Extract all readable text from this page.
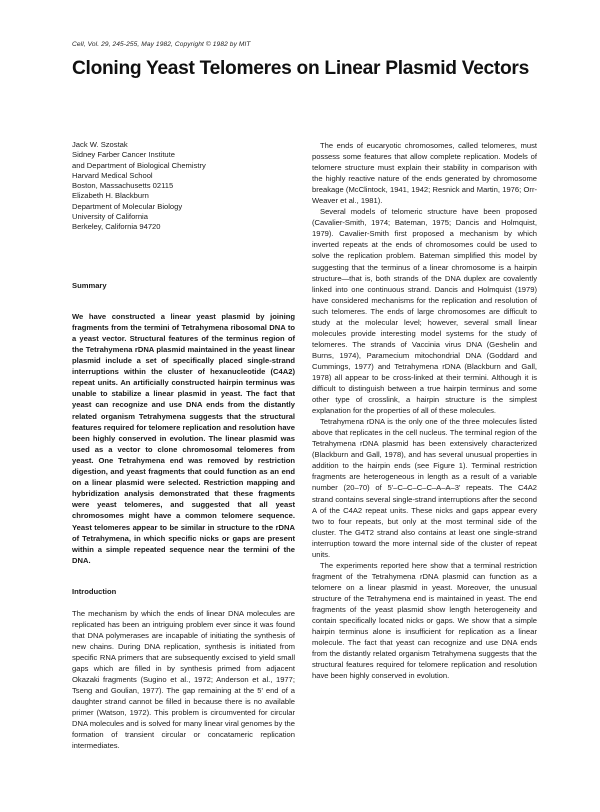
Cell, Vol. 29, 245-255, May 1982, Copyright © 1982 by MIT
Cloning Yeast Telomeres on Linear Plasmid Vectors

Jack W. Szostak

Sidney Farber Cancer Institute

and Department of Biological Chemistry

Harvard Medical School

Boston, Massachusetts 02115

Elizabeth H. Blackburn

Department of Molecular Biology

University of California

Berkeley, California 94720

Summary

We have constructed a linear yeast plasmid by joining fragments from the termini of Tetrahymena ribosomal DNA to a yeast vector. Structural features of the terminus region of the Tetrahymena rDNA plasmid maintained in the yeast linear plasmid include a set of specifically placed single-strand interruptions within the cluster of hexanucleotide (C4A2) repeat units. An artificially constructed hairpin terminus was unable to stabilize a linear plasmid in yeast. The fact that yeast can recognize and use DNA ends from the distantly related organism Tetrahymena suggests that the structural features required for telomere replication and resolution have been highly conserved in evolution. The linear plasmid was used as a vector to clone chromosomal telomeres from yeast. One Tetrahymena end was removed by restriction digestion, and yeast fragments that could function as an end on a linear plasmid were selected. Restriction mapping and hybridization analysis demonstrated that these fragments were yeast telomeres, and suggested that all yeast chromosomes might have a common telomere sequence. Yeast telomeres appear to be similar in structure to the rDNA of Tetrahymena, in which specific nicks or gaps are present within a simple repeated sequence near the termini of the DNA.

Introduction

The mechanism by which the ends of linear DNA molecules are replicated has been an intriguing problem ever since it was found that DNA polymerases are incapable of initiating the synthesis of new chains. During DNA replication, synthesis is initiated from specific RNA primers that are subsequently excised to yield small gaps which are filled in by synthesis primed from adjacent Okazaki fragments (Sugino et al., 1972; Anderson et al., 1977; Tseng and Goulian, 1977). The gap remaining at the 5' end of a daughter strand cannot be filled in because there is no available primer (Watson, 1972). This problem is circumvented for circular DNA molecules and is solved for many linear viral genomes by the formation of transient circular or concatameric replication intermediates.

The ends of eucaryotic chromosomes, called telomeres, must possess some features that allow complete replication. Models of telomere structure must explain their stability in comparison with the highly reactive nature of the ends generated by chromosome breakage (McClintock, 1941, 1942; Resnick and Martin, 1976; Orr-Weaver et al., 1981).

Several models of telomeric structure have been proposed (Cavalier-Smith, 1974; Bateman, 1975; Dancis and Holmquist, 1979). Cavalier-Smith first proposed a mechanism by which inverted repeats at the ends of chromosomes could be used to solve the replication problem. Bateman simplified this model by suggesting that the terminus of a linear chromosome is a hairpin structure—that is, both strands of the DNA duplex are covalently linked into one continuous strand. Dancis and Holmquist (1979) have considered mechanisms for the replication and resolution of such telomeres. The ends of large chromosomes are difficult to study at the molecular level; however, several small linear molecules provide interesting model systems for the study of telomeres. The strands of Vaccinia virus DNA (Geshelin and Burns, 1974), Paramecium mitochondrial DNA (Goddard and Cummings, 1977) and Tetrahymena rDNA (Blackburn and Gall, 1978) all appear to be cross-linked at their termini. Although it is difficult to distinguish between a true hairpin terminus and some other type of crosslink, a hairpin structure is the simplest explanation for the properties of all of these molecules.

Tetrahymena rDNA is the only one of the three molecules listed above that replicates in the cell nucleus. The terminal region of the Tetrahymena rDNA plasmid has been extensively characterized (Blackburn and Gall, 1978), and has several unusual properties in addition to the hairpin ends (see Figure 1). Terminal restriction fragments are heterogeneous in length as a result of a variable number (20–70) of 5'–C–C–C–C–A–A–3' repeats. The C4A2 strand contains several single-strand interruptions after the second A of the C4A2 repeat units. These nicks and gaps appear every two to four repeats, but only at the most terminal side of the cluster. The G4T2 strand also contains at least one single-strand interruption toward the more internal side of the cluster of repeat units.

The experiments reported here show that a terminal restriction fragment of the Tetrahymena rDNA plasmid can function as a telomere on a linear plasmid in yeast. Moreover, the unusual structure of the Tetrahymena end is maintained in yeast. The end fragments of the yeast plasmid show length heterogeneity and contain specifically located nicks or gaps. We show that a simple hairpin terminus alone is insufficient for replication as a linear molecule. The fact that yeast can recognize and use DNA ends from the distantly related organism Tetrahymena suggests that the structural features required for telomere replication and resolution have been highly conserved in evolution.
